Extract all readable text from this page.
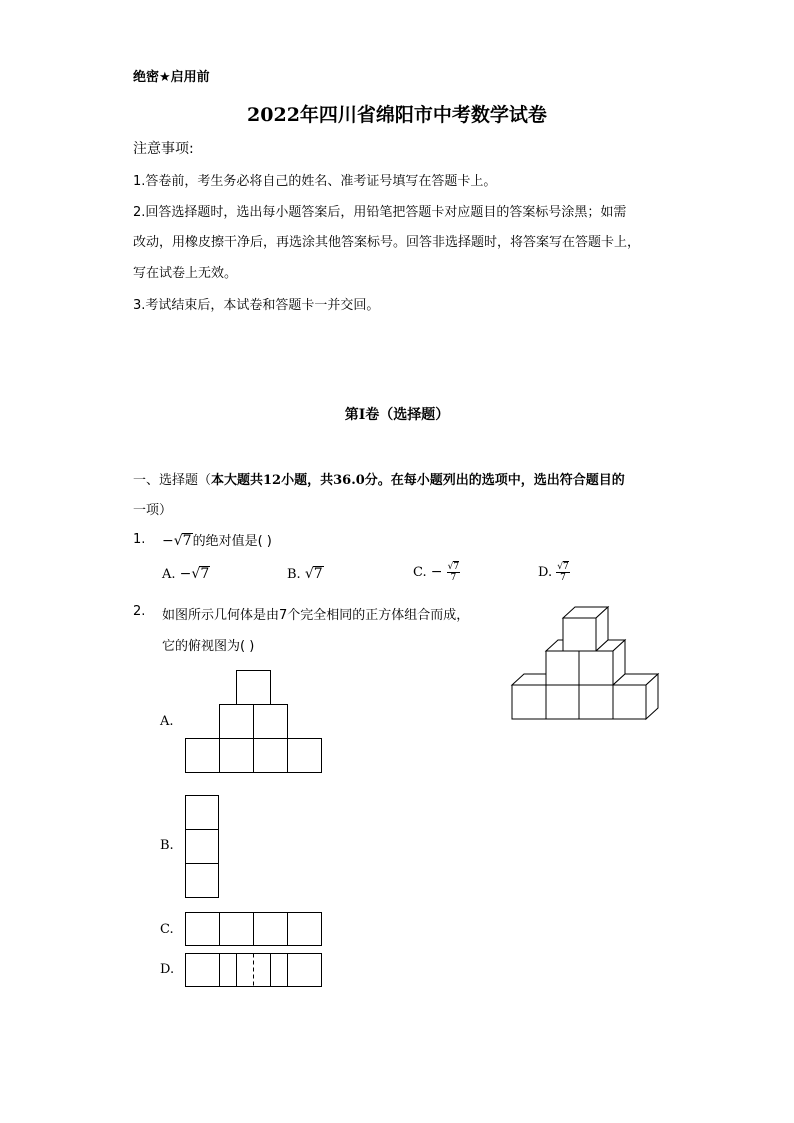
绝密★启用前
2022年四川省绵阳市中考数学试卷
注意事项:
1.答卷前，考生务必将自己的姓名、准考证号填写在答题卡上。
2.回答选择题时，选出每小题答案后，用铅笔把答题卡对应题目的答案标号涂黑；如需
改动，用橡皮擦干净后，再选涂其他答案标号。回答非选择题时，将答案写在答题卡上，
写在试卷上无效。
3.考试结束后，本试卷和答题卡一并交回。
第I卷（选择题）
一、选择题（本大题共12小题，共36.0分。在每小题列出的选项中，选出符合题目的
一项）
1. −√7的绝对值是( )
A. −√7	B. √7	C. − $\frac{√7}{7}$	D. $\frac{√7}{7}$
2. 如图所示几何体是由7个完全相同的正方体组合而成，
它的俯视图为( )
A.
B.
C.
D.
